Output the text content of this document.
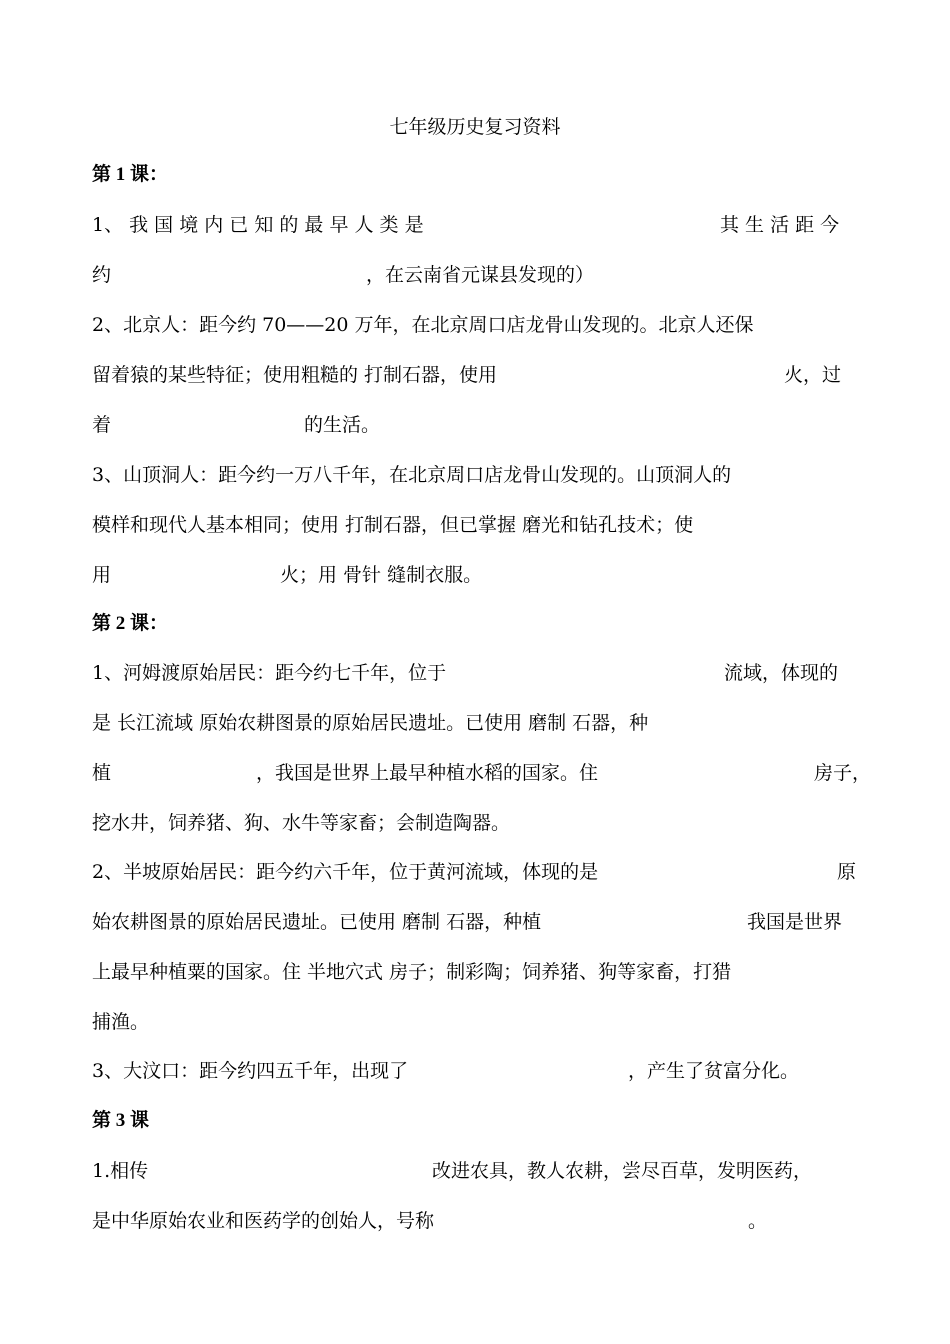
七年级历史复习资料
第 1 课：
1、 我 国 境 内 已 知 的 最 早 人 类 是	其 生 活 距 今
约	，在云南省元谋县发现的）
2、北京人：距今约 70——20 万年，在北京周口店龙骨山发现的。北京人还保
留着猿的某些特征；使用粗糙的 打制石器，使用	火，过
着	的生活。
3、山顶洞人：距今约一万八千年，在北京周口店龙骨山发现的。山顶洞人的
模样和现代人基本相同；使用 打制石器，但已掌握 磨光和钻孔技术；使
用	火；用 骨针 缝制衣服。
第 2 课：
1、河姆渡原始居民：距今约七千年，位于	流域，体现的
是 长江流域 原始农耕图景的原始居民遗址。已使用 磨制 石器，种
植	，我国是世界上最早种植水稻的国家。住	房子，
挖水井，饲养猪、狗、水牛等家畜；会制造陶器。
2、半坡原始居民：距今约六千年，位于黄河流域，体现的是	原
始农耕图景的原始居民遗址。已使用 磨制 石器，种植	我国是世界
上最早种植粟的国家。住 半地穴式 房子；制彩陶；饲养猪、狗等家畜，打猎
捕渔。
3、大汶口：距今约四五千年，出现了	，产生了贫富分化。
第 3 课
1.相传	改进农具，教人农耕，尝尽百草，发明医药，
是中华原始农业和医药学的创始人，号称	。
